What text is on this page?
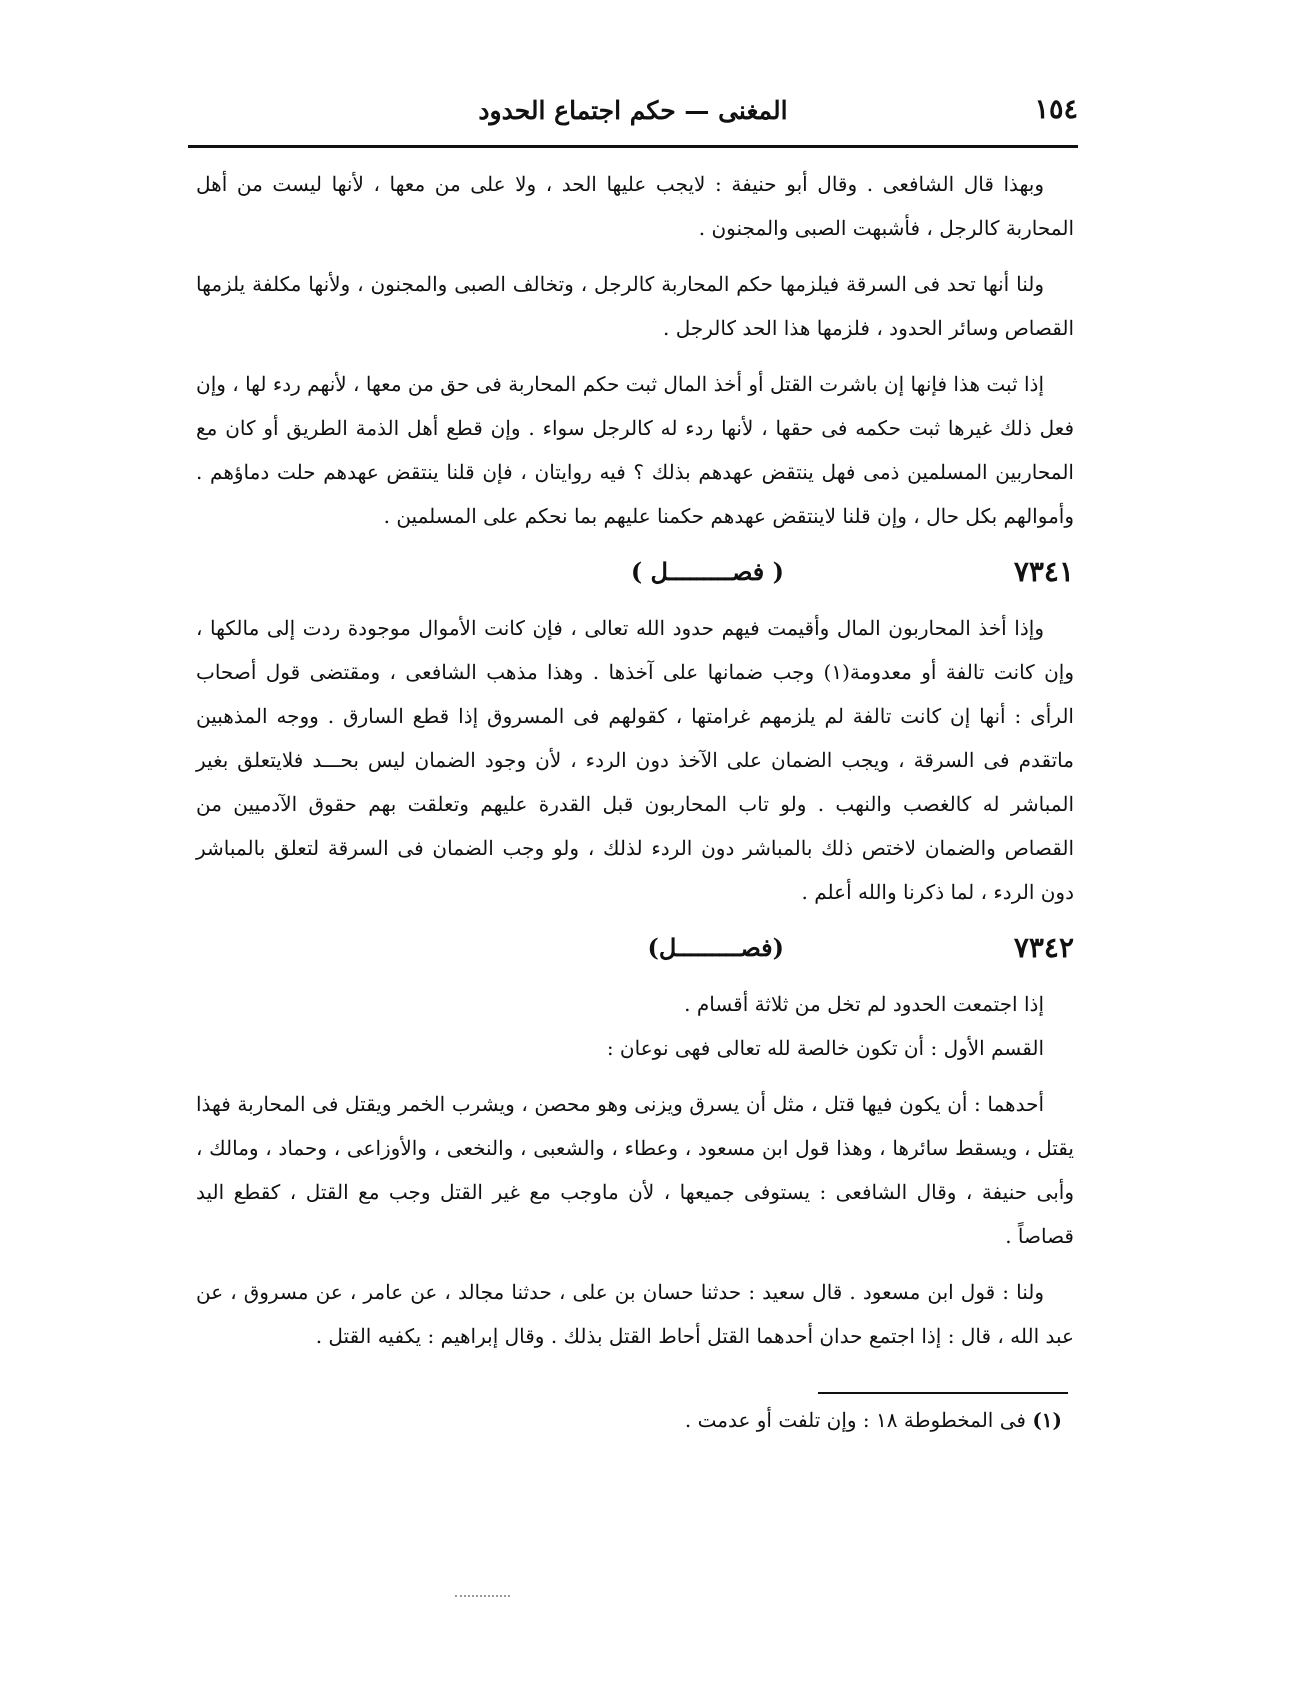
١٥٤
المغنى — حكم اجتماع الحدود

وبهذا قال الشافعى . وقال أبو حنيفة : لايجب عليها الحد ، ولا على من معها ، لأنها ليست من أهل المحاربة كالرجل ، فأشبهت الصبى والمجنون .

ولنا أنها تحد فى السرقة فيلزمها حكم المحاربة كالرجل ، وتخالف الصبى والمجنون ، ولأنها مكلفة يلزمها القصاص وسائر الحدود ، فلزمها هذا الحد كالرجل .

إذا ثبت هذا فإنها إن باشرت القتل أو أخذ المال ثبت حكم المحاربة فى حق من معها ، لأنهم ردء لها ، وإن فعل ذلك غيرها ثبت حكمه فى حقها ، لأنها ردء له كالرجل سواء . وإن قطع أهل الذمة الطريق أو كان مع المحاربين المسلمين ذمى فهل ينتقض عهدهم بذلك ؟ فيه روايتان ، فإن قلنا ينتقض عهدهم حلت دماؤهم . وأموالهم بكل حال ، وإن قلنا لاينتقض عهدهم حكمنا عليهم بما نحكم على المسلمين .

٧٣٤١
( فصـــــــــل )

وإذا أخذ المحاربون المال وأقيمت فيهم حدود الله تعالى ، فإن كانت الأموال موجودة ردت إلى مالكها ، وإن كانت تالفة أو معدومة(١) وجب ضمانها على آخذها . وهذا مذهب الشافعى ، ومقتضى قول أصحاب الرأى : أنها إن كانت تالفة لم يلزمهم غرامتها ، كقولهم فى المسروق إذا قطع السارق . ووجه المذهبين ماتقدم فى السرقة ، ويجب الضمان على الآخذ دون الردء ، لأن وجود الضمان ليس بحـــد فلايتعلق بغير المباشر له كالغصب والنهب . ولو تاب المحاربون قبل القدرة عليهم وتعلقت بهم حقوق الآدميين من القصاص والضمان لاختص ذلك بالمباشر دون الردء لذلك ، ولو وجب الضمان فى السرقة لتعلق بالمباشر دون الردء ، لما ذكرنا والله أعلم .

٧٣٤٢
(فصـــــــــل)
إذا اجتمعت الحدود لم تخل من ثلاثة أقسام .
القسم الأول : أن تكون خالصة لله تعالى فهى نوعان :

أحدهما : أن يكون فيها قتل ، مثل أن يسرق ويزنى وهو محصن ، ويشرب الخمر ويقتل فى المحاربة فهذا يقتل ، ويسقط سائرها ، وهذا قول ابن مسعود ، وعطاء ، والشعبى ، والنخعى ، والأوزاعى ، وحماد ، ومالك ، وأبى حنيفة ، وقال الشافعى : يستوفى جميعها ، لأن ماوجب مع غير القتل وجب مع القتل ، كقطع اليد قصاصاً .

ولنا : قول ابن مسعود . قال سعيد : حدثنا حسان بن على ، حدثنا مجالد ، عن عامر ، عن مسروق ، عن عبد الله ، قال : إذا اجتمع حدان أحدهما القتل أحاط القتل بذلك . وقال إبراهيم : يكفيه القتل .

(١) فى المخطوطة ١٨ : وإن تلفت أو عدمت .
